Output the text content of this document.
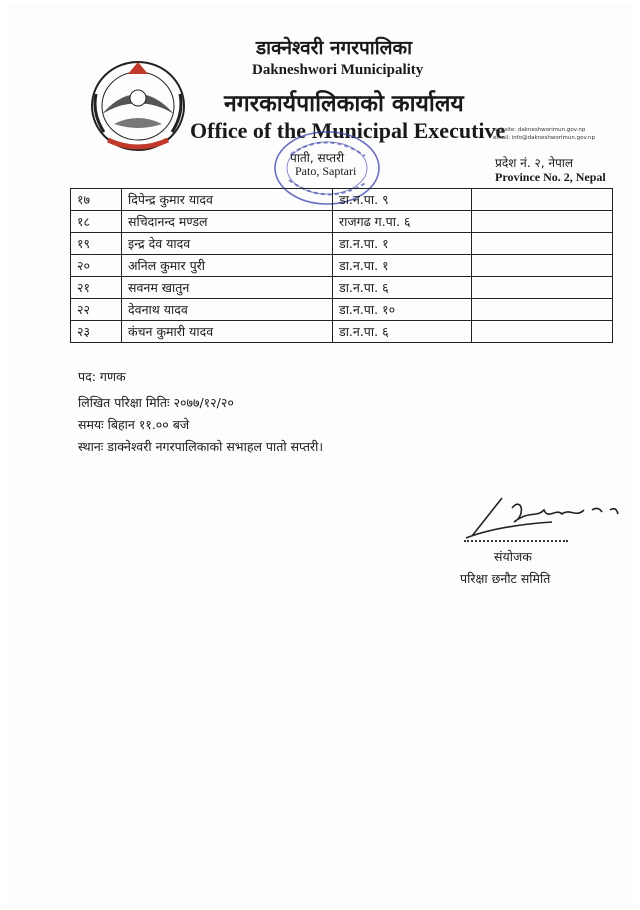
डाक्नेश्वरी नगरपालिका
Dakneshwori Municipality
नगरकार्यपालिकाको कार्यालय
Office of the Municipal Executive
पाती, सप्तरी
Pato, Saptari
website: dakneshworimun.gov.np
email: info@dakneshworimun.gov.np
प्रदेश नं. २, नेपाल
Province No. 2, Nepal
१७	दिपेन्द्र कुमार यादव	डा.न.पा. ९	
१८	सचिदानन्द मण्डल	राजगढ ग.पा. ६	
१९	इन्द्र देव यादव	डा.न.पा. १	
२०	अनिल कुमार पुरी	डा.न.पा. १	
२१	सवनम खातुन	डा.न.पा. ६	
२२	देवनाथ यादव	डा.न.पा. १०	
२३	कंचन कुमारी यादव	डा.न.पा. ६	
पद: गणक
लिखित परिक्षा मितिः २०७७/१२/२०
समयः बिहान ११.०० बजे
स्थानः डाक्नेश्वरी नगरपालिकाको सभाहल पातो सप्तरी।
संयोजक
परिक्षा छनौट समिति
